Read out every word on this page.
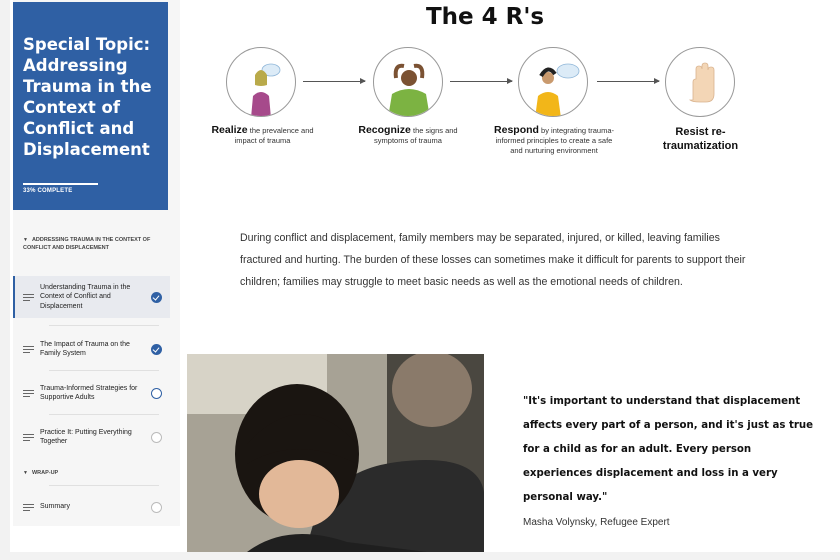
Special Topic: Addressing Trauma in the Context of Conflict and Displacement
33% COMPLETE
▼ ADDRESSING TRAUMA IN THE CONTEXT OF CONFLICT AND DISPLACEMENT
Understanding Trauma in the Context of Conflict and Displacement
The Impact of Trauma on the Family System
Trauma-Informed Strategies for Supportive Adults
Practice It: Putting Everything Together
▼ WRAP-UP
Summary
The 4 R's
Realize the prevalence and impact of trauma
Recognize the signs and symptoms of trauma
Respond by integrating trauma-informed principles to create a safe and nurturing environment
Resist re-traumatization
During conflict and displacement, family members may be separated, injured, or killed, leaving families fractured and hurting. The burden of these losses can sometimes make it difficult for parents to support their children; families may struggle to meet basic needs as well as the emotional needs of children.
"It's important to understand that displacement affects every part of a person, and it's just as true for a child as for an adult. Every person experiences displacement and loss in a very personal way."
Masha Volynsky, Refugee Expert
